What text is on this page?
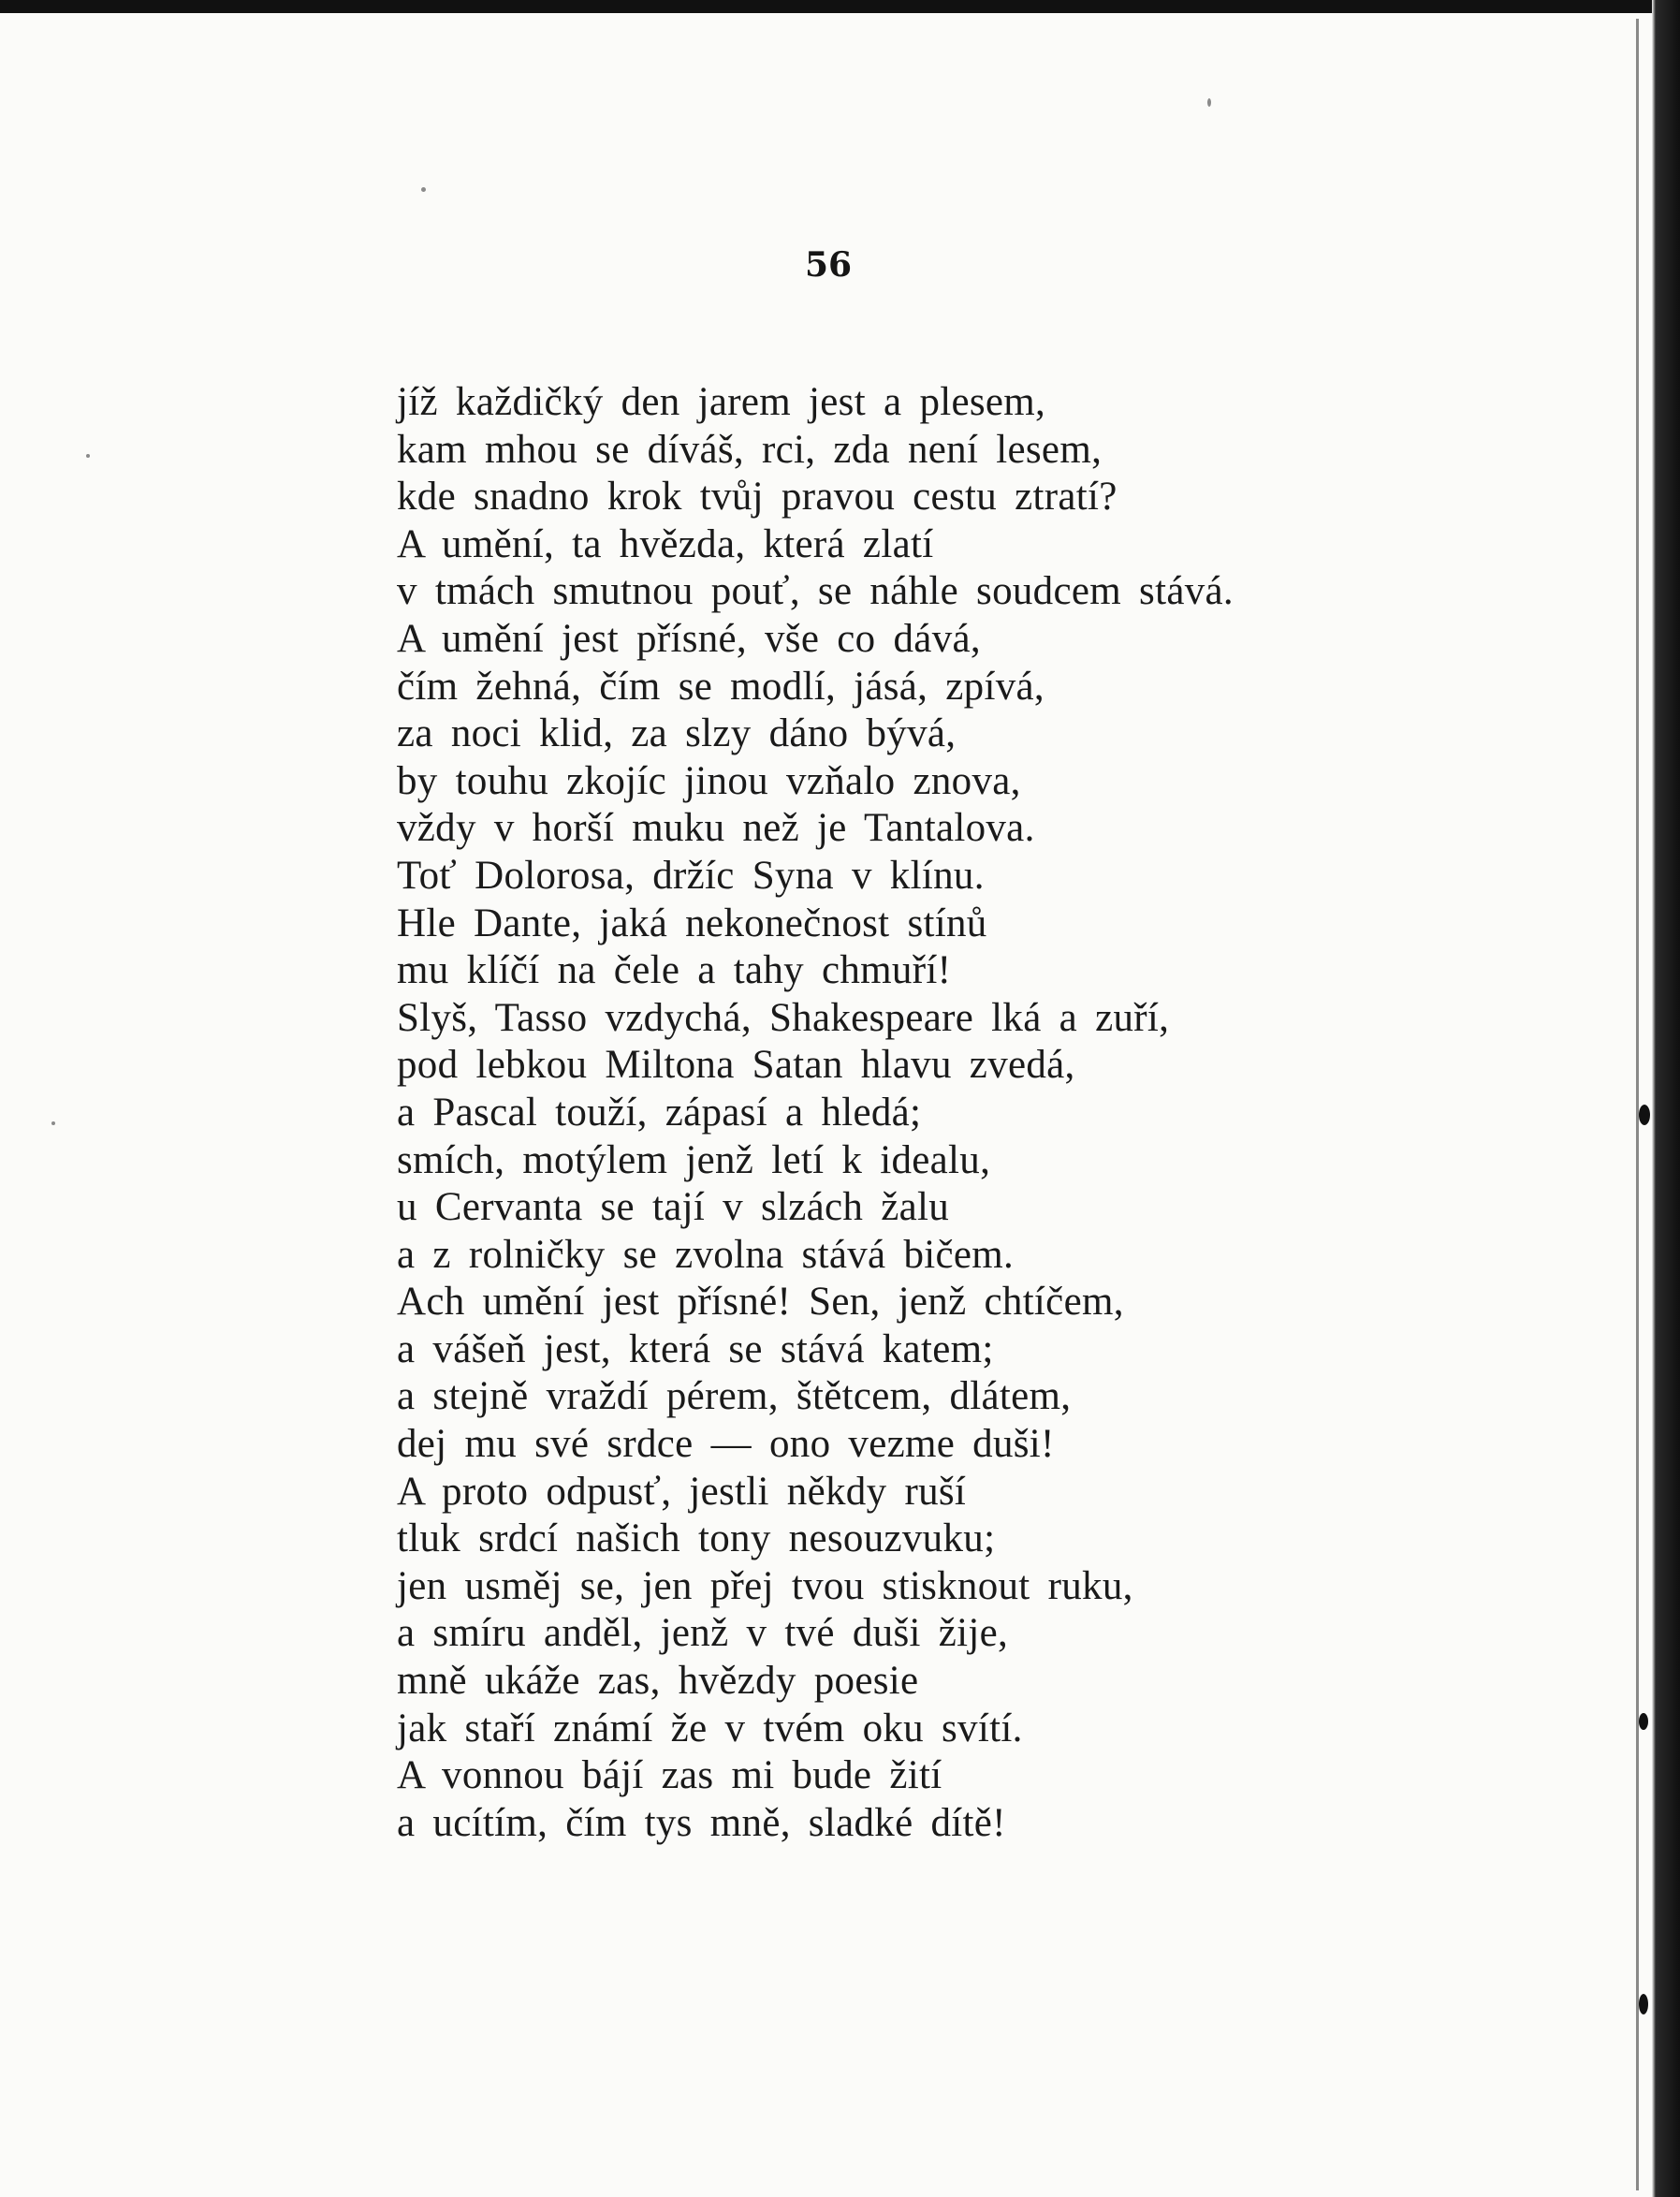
56
jíž každičký den jarem jest a plesem,
kam mhou se díváš, rci, zda není lesem,
kde snadno krok tvůj pravou cestu ztratí?
A umění, ta hvězda, která zlatí
v tmách smutnou pouť, se náhle soudcem stává.
A umění jest přísné, vše co dává,
čím žehná, čím se modlí, jásá, zpívá,
za noci klid, za slzy dáno bývá,
by touhu zkojíc jinou vzňalo znova,
vždy v horší muku než je Tantalova.
Toť Dolorosa, držíc Syna v klínu.
Hle Dante, jaká nekonečnost stínů
mu klíčí na čele a tahy chmuří!
Slyš, Tasso vzdychá, Shakespeare lká a zuří,
pod lebkou Miltona Satan hlavu zvedá,
a Pascal touží, zápasí a hledá;
smích, motýlem jenž letí k idealu,
u Cervanta se tají v slzách žalu
a z rolničky se zvolna stává bičem.
Ach umění jest přísné! Sen, jenž chtíčem,
a vášeň jest, která se stává katem;
a stejně vraždí pérem, štětcem, dlátem,
dej mu své srdce — ono vezme duši!
A proto odpusť, jestli někdy ruší
tluk srdcí našich tony nesouzvuku;
jen usměj se, jen přej tvou stisknout ruku,
a smíru anděl, jenž v tvé duši žije,
mně ukáže zas, hvězdy poesie
jak staří známí že v tvém oku svítí.
A vonnou bájí zas mi bude žití
a ucítím, čím tys mně, sladké dítě!
